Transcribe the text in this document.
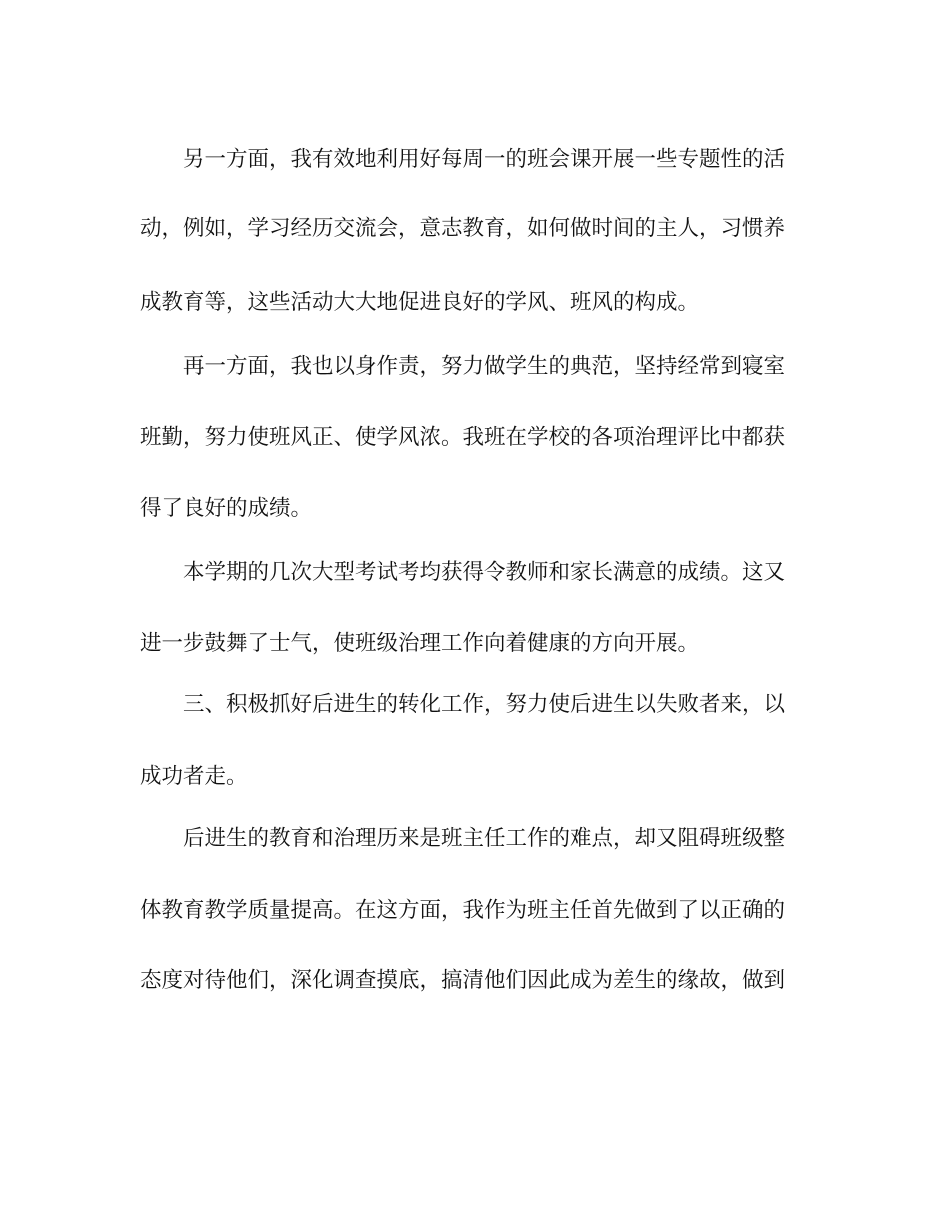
另一方面，我有效地利用好每周一的班会课开展一些专题性的活
动，例如，学习经历交流会，意志教育，如何做时间的主人，习惯养
成教育等，这些活动大大地促进良好的学风、班风的构成。
再一方面，我也以身作责，努力做学生的典范，坚持经常到寝室
班勤，努力使班风正、使学风浓。我班在学校的各项治理评比中都获
得了良好的成绩。
本学期的几次大型考试考均获得令教师和家长满意的成绩。这又
进一步鼓舞了士气，使班级治理工作向着健康的方向开展。
三、积极抓好后进生的转化工作，努力使后进生以失败者来，以
成功者走。
后进生的教育和治理历来是班主任工作的难点，却又阻碍班级整
体教育教学质量提高。在这方面，我作为班主任首先做到了以正确的
态度对待他们，深化调查摸底，搞清他们因此成为差生的缘故，做到
